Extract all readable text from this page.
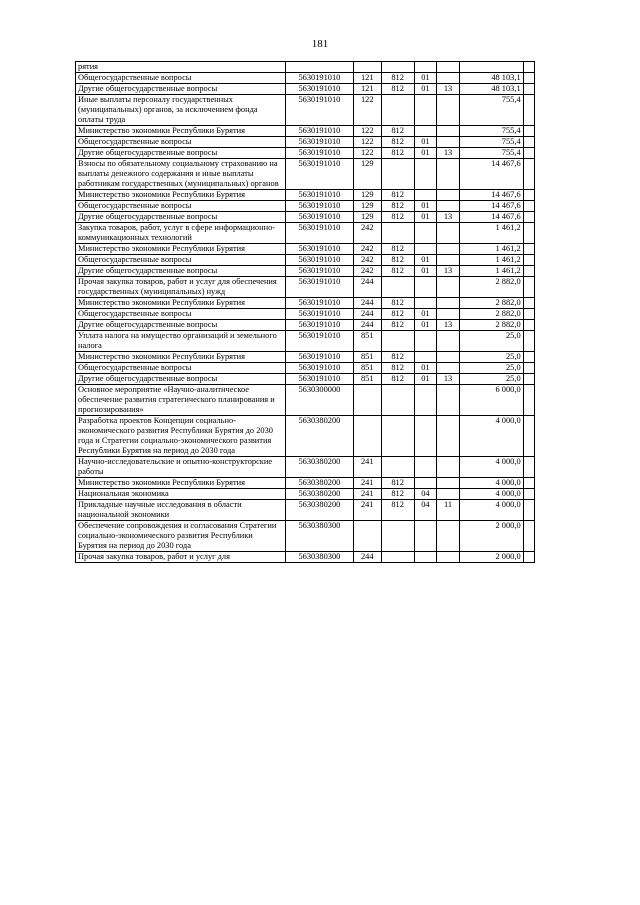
181
рятия							
Общегосударственные вопросы	5630191010	121	812	01		48 103,1	
Другие общегосударственные вопросы	5630191010	121	812	01	13	48 103,1	
Иные выплаты персоналу государственных (муниципальных) органов, за исключением фонда оплаты труда	5630191010	122				755,4	
Министерство экономики Республики Бурятия	5630191010	122	812			755,4	
Общегосударственные вопросы	5630191010	122	812	01		755,4	
Другие общегосударственные вопросы	5630191010	122	812	01	13	755,4	
Взносы по обязательному социальному страхованию на выплаты денежного содержания и иные выплаты работникам государственных (муниципальных) органов	5630191010	129				14 467,6	
Министерство экономики Республики Бурятия	5630191010	129	812			14 467,6	
Общегосударственные вопросы	5630191010	129	812	01		14 467,6	
Другие общегосударственные вопросы	5630191010	129	812	01	13	14 467,6	
Закупка товаров, работ, услуг в сфере информационно-коммуникационных технологий	5630191010	242				1 461,2	
Министерство экономики Республики Бурятия	5630191010	242	812			1 461,2	
Общегосударственные вопросы	5630191010	242	812	01		1 461,2	
Другие общегосударственные вопросы	5630191010	242	812	01	13	1 461,2	
Прочая закупка товаров, работ и услуг для обеспечения государственных (муниципальных) нужд	5630191010	244				2 882,0	
Министерство экономики Республики Бурятия	5630191010	244	812			2 882,0	
Общегосударственные вопросы	5630191010	244	812	01		2 882,0	
Другие общегосударственные вопросы	5630191010	244	812	01	13	2 882,0	
Уплата налога на имущество организаций и земельного налога	5630191010	851				25,0	
Министерство экономики Республики Бурятия	5630191010	851	812			25,0	
Общегосударственные вопросы	5630191010	851	812	01		25,0	
Другие общегосударственные вопросы	5630191010	851	812	01	13	25,0	
Основное мероприятие «Научно-аналитическое обеспечение развития стратегического планирования и прогнозирования»	5630300000					6 000,0	
Разработка проектов Концепции социально-экономического развития Республики Бурятия до 2030 года и Стратегии социально-экономического развития Республики Бурятия на период до 2030 года	5630380200					4 000,0	
Научно-исследовательские и опытно-конструкторские работы	5630380200	241				4 000,0	
Министерство экономики Республики Бурятия	5630380200	241	812			4 000,0	
Национальная экономика	5630380200	241	812	04		4 000,0	
Прикладные научные исследования в области национальной экономики	5630380200	241	812	04	11	4 000,0	
Обеспечение сопровождения и согласования Стратегии социально-экономического развития Республики Бурятия на период до 2030 года	5630380300					2 000,0	
Прочая закупка товаров, работ и услуг для	5630380300	244				2 000,0	
